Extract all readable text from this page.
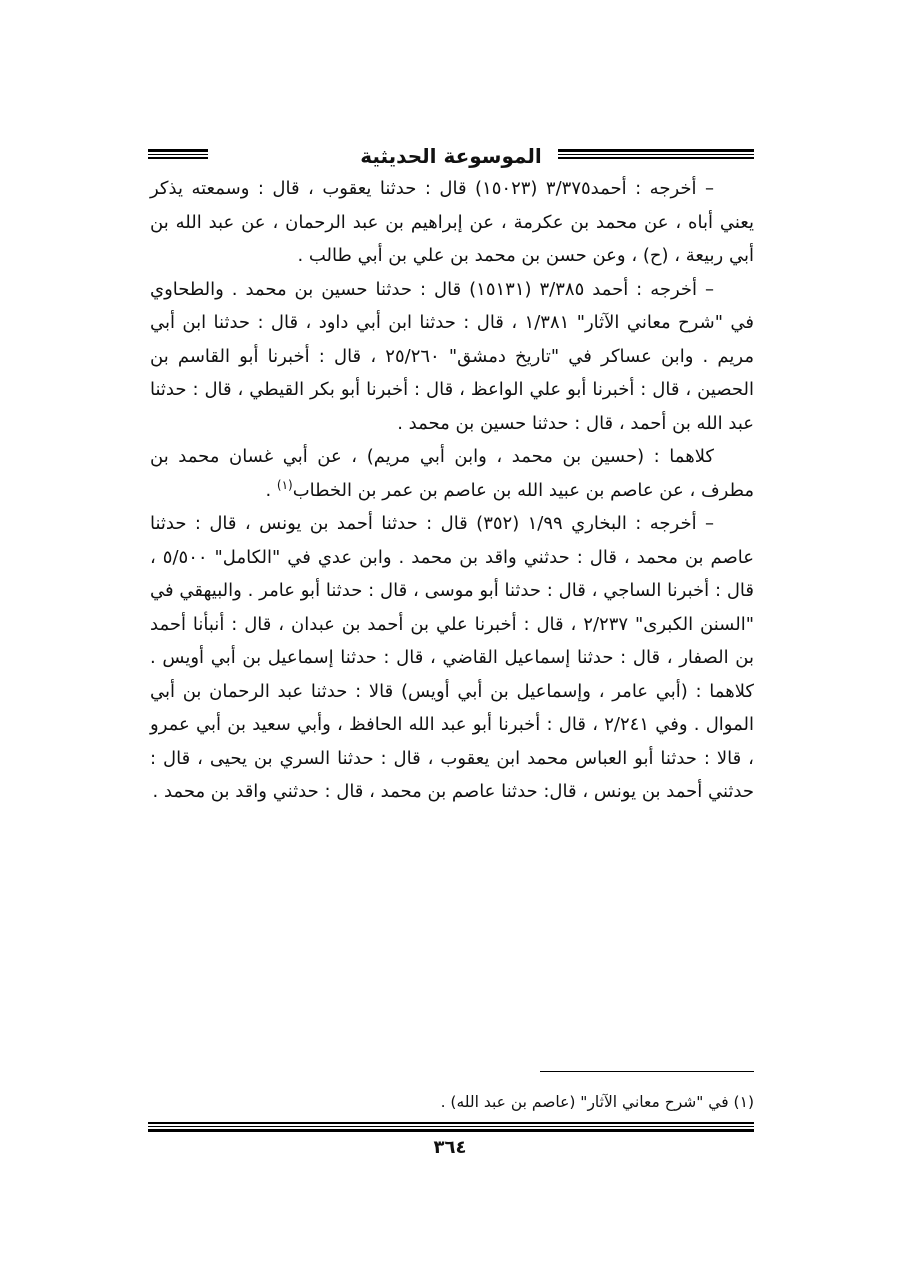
الموسوعة الحديثية

– أخرجه : أحمد٣/٣٧٥ (١٥٠٢٣) قال : حدثنا يعقوب ، قال : وسمعته يذكر يعني أباه ، عن محمد بن عكرمة ، عن إبراهيم بن عبد الرحمان ، عن عبد الله بن أبي ربيعة ، (ح) ، وعن حسن بن محمد بن علي بن أبي طالب .

– أخرجه : أحمد ٣/٣٨٥ (١٥١٣١) قال : حدثنا حسين بن محمد . والطحاوي في "شرح معاني الآثار" ١/٣٨١ ، قال : حدثنا ابن أبي داود ، قال : حدثنا ابن أبي مريم . وابن عساكر في "تاريخ دمشق" ٢٥/٢٦٠ ، قال : أخبرنا أبو القاسم بن الحصين ، قال : أخبرنا أبو علي الواعظ ، قال : أخبرنا أبو بكر القيطي ، قال : حدثنا عبد الله بن أحمد ، قال : حدثنا حسين بن محمد .

كلاهما : (حسين بن محمد ، وابن أبي مريم) ، عن أبي غسان محمد بن مطرف ، عن عاصم بن عبيد الله بن عاصم بن عمر بن الخطاب$^{(١)}$ .

– أخرجه : البخاري ١/٩٩ (٣٥٢) قال : حدثنا أحمد بن يونس ، قال : حدثنا عاصم بن محمد ، قال : حدثني واقد بن محمد . وابن عدي في "الكامل" ٥/٥٠٠ ، قال : أخبرنا الساجي ، قال : حدثنا أبو موسى ، قال : حدثنا أبو عامر . والبيهقي في "السنن الكبرى" ٢/٢٣٧ ، قال : أخبرنا علي بن أحمد بن عبدان ، قال : أنبأنا أحمد بن الصفار ، قال : حدثنا إسماعيل القاضي ، قال : حدثنا إسماعيل بن أبي أويس . كلاهما : (أبي عامر ، وإسماعيل بن أبي أويس) قالا : حدثنا عبد الرحمان بن أبي الموال . وفي ٢/٢٤١ ، قال : أخبرنا أبو عبد الله الحافظ ، وأبي سعيد بن أبي عمرو ، قالا : حدثنا أبو العباس محمد ابن يعقوب ، قال : حدثنا السري بن يحيى ، قال : حدثني أحمد بن يونس ، قال: حدثنا عاصم بن محمد ، قال : حدثني واقد بن محمد .

(١) في "شرح معاني الآثار" (عاصم بن عبد الله) .
٣٦٤
